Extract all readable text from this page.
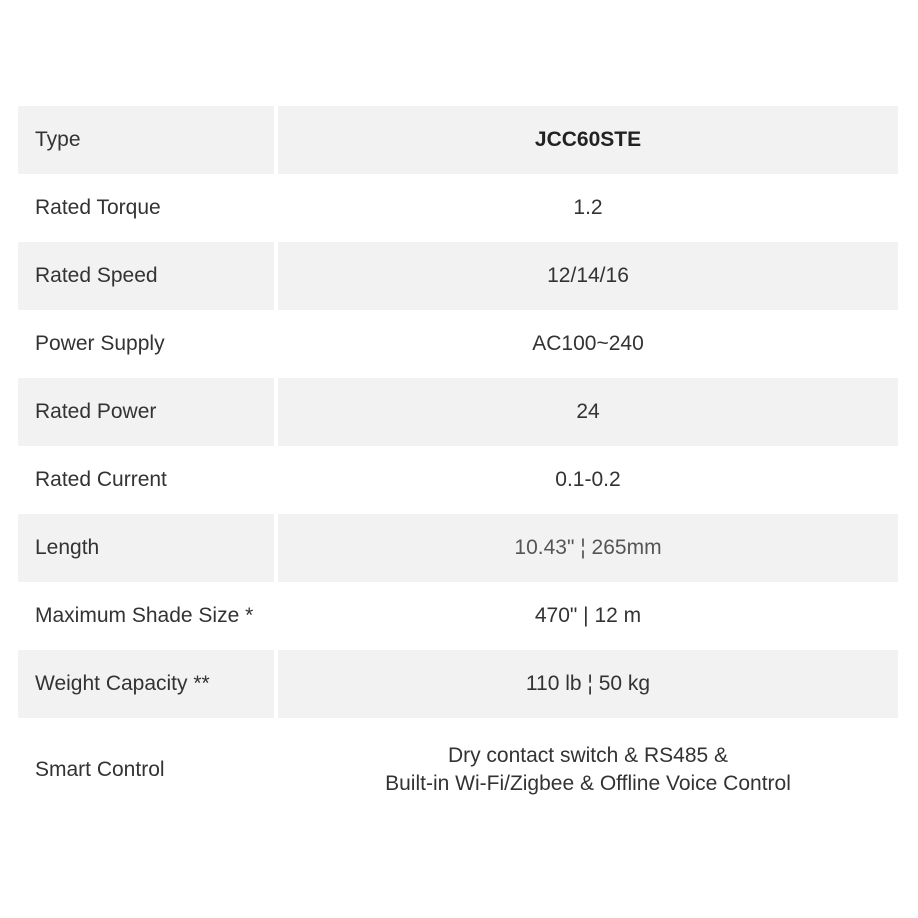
Type	JCC60STE
Rated Torque	1.2
Rated Speed	12/14/16
Power Supply	AC100~240
Rated Power	24
Rated Current	0.1-0.2
Length	10.43" ¦ 265mm
Maximum Shade Size *	470" | 12 m
Weight Capacity **	110 lb ¦ 50 kg
Smart Control	Dry contact switch & RS485 &
Built-in Wi-Fi/Zigbee & Offline Voice Control
